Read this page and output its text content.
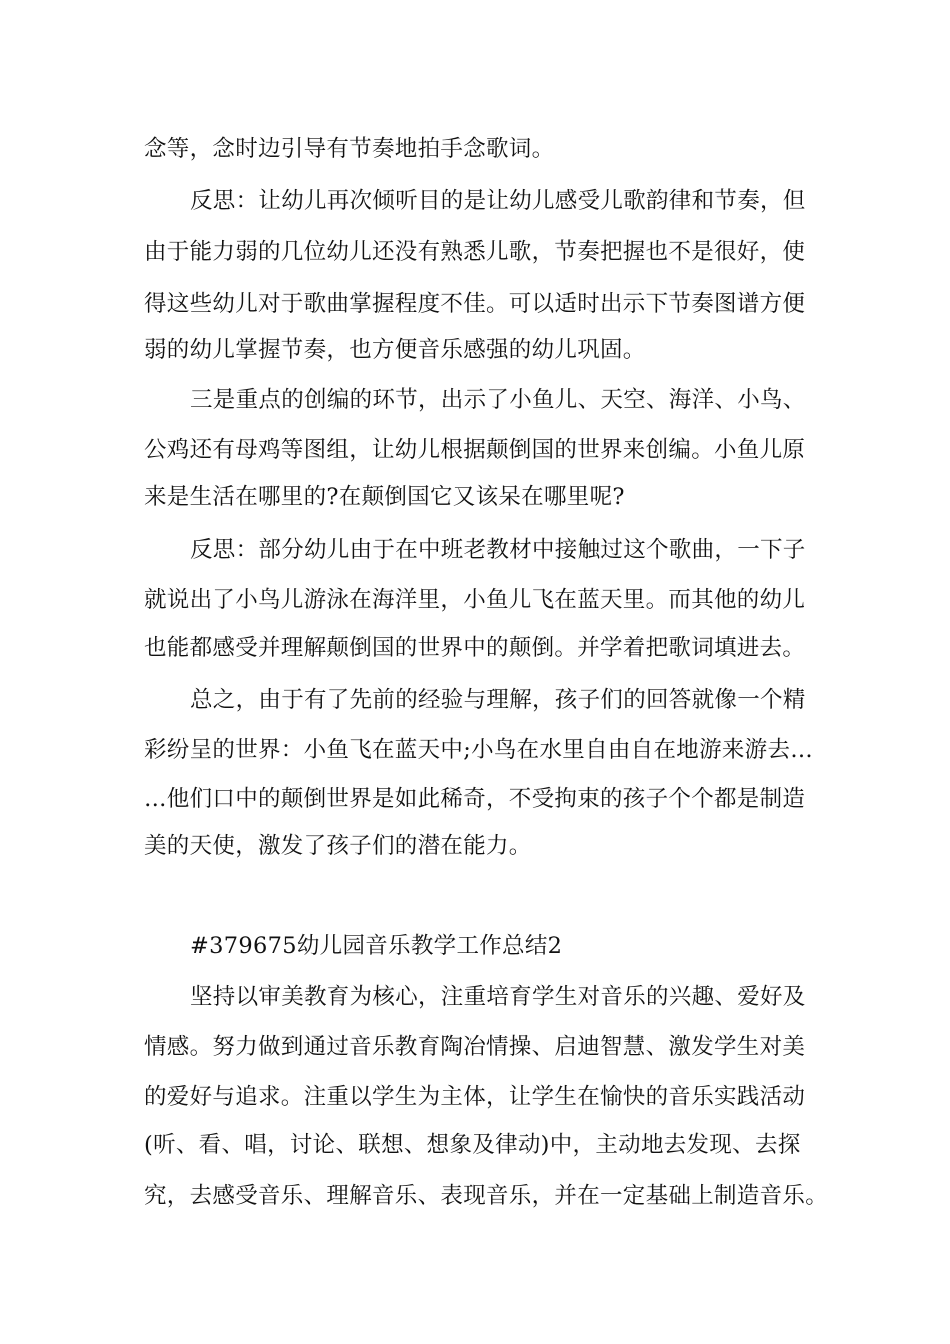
念等，念时边引导有节奏地拍手念歌词。
反思：让幼儿再次倾听目的是让幼儿感受儿歌韵律和节奏，但
由于能力弱的几位幼儿还没有熟悉儿歌，节奏把握也不是很好，使
得这些幼儿对于歌曲掌握程度不佳。可以适时出示下节奏图谱方便
弱的幼儿掌握节奏，也方便音乐感强的幼儿巩固。
三是重点的创编的环节，出示了小鱼儿、天空、海洋、小鸟、
公鸡还有母鸡等图组，让幼儿根据颠倒国的世界来创编。小鱼儿原
来是生活在哪里的?在颠倒国它又该呆在哪里呢?
反思：部分幼儿由于在中班老教材中接触过这个歌曲，一下子
就说出了小鸟儿游泳在海洋里，小鱼儿飞在蓝天里。而其他的幼儿
也能都感受并理解颠倒国的世界中的颠倒。并学着把歌词填进去。
总之，由于有了先前的经验与理解，孩子们的回答就像一个精
彩纷呈的世界：小鱼飞在蓝天中;小鸟在水里自由自在地游来游去…
…他们口中的颠倒世界是如此稀奇，不受拘束的孩子个个都是制造
美的天使，激发了孩子们的潜在能力。
#379675幼儿园音乐教学工作总结2
坚持以审美教育为核心，注重培育学生对音乐的兴趣、爱好及
情感。努力做到通过音乐教育陶冶情操、启迪智慧、激发学生对美
的爱好与追求。注重以学生为主体，让学生在愉快的音乐实践活动
(听、看、唱，讨论、联想、想象及律动)中，主动地去发现、去探
究，去感受音乐、理解音乐、表现音乐，并在一定基础上制造音乐。
